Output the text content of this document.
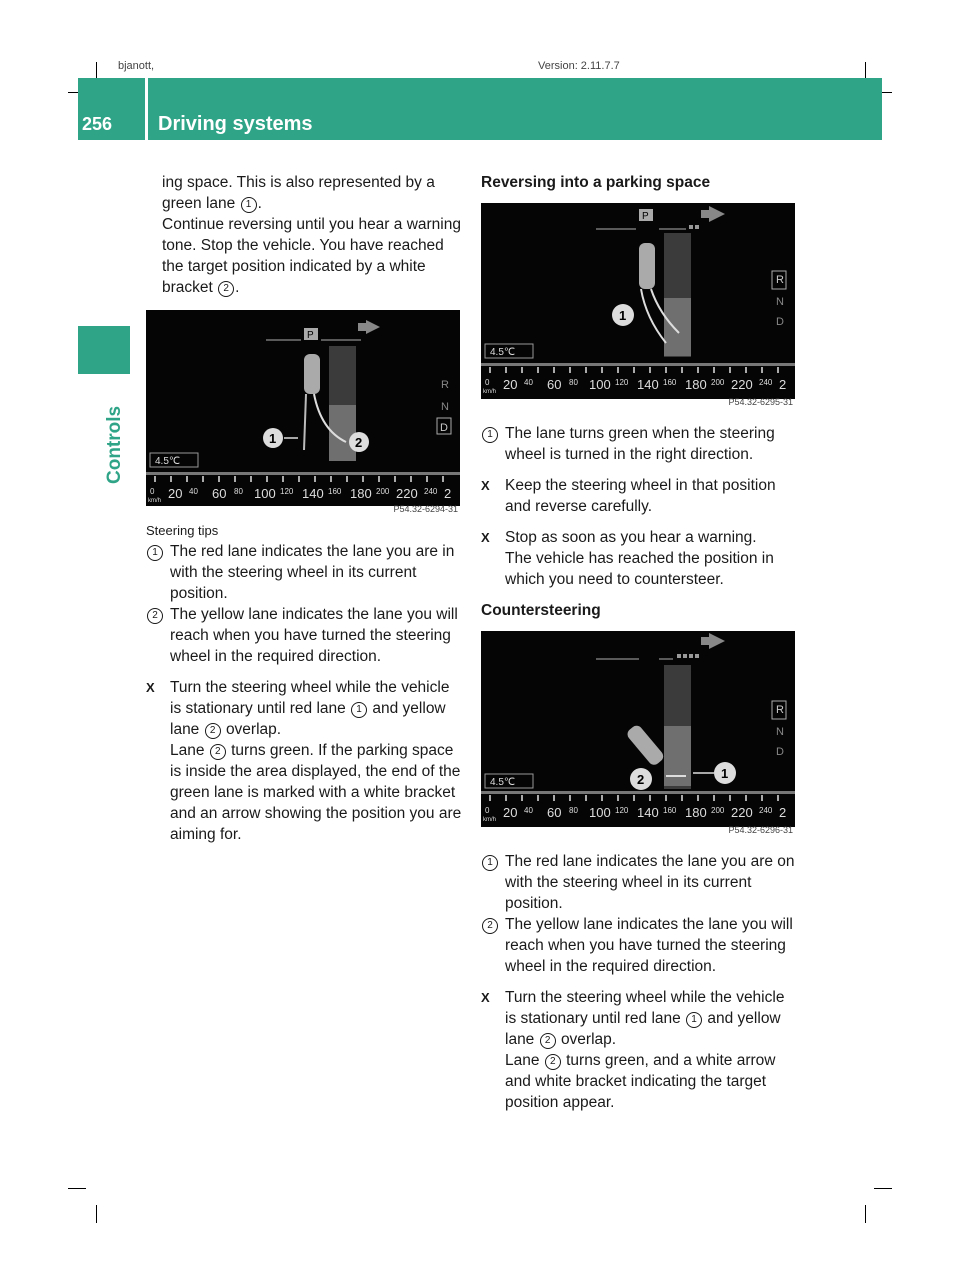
bjanott,	Version: 2.11.7.7
256 Driving systems
Controls

ing space. This is also represented by a green lane 1 .

Continue reversing until you hear a warning tone. Stop the vehicle. You have reached the target position indicated by a white bracket 2 .

P
1	2
R
N
D
4.5℃
0
km/h 20 40 60 80 100 120 140 160 180 200 220 240 2
P54.32-6294-31

Steering tips

1 The red lane indicates the lane you are in with the steering wheel in its current position.

2 The yellow lane indicates the lane you will reach when you have turned the steering wheel in the required direction.

X Turn the steering wheel while the vehicle is stationary until red lane 1 and yellow lane 2 overlap.
Lane 2 turns green. If the parking space is inside the area displayed, the end of the green lane is marked with a white bracket and an arrow showing the position you are aiming for.

Reversing into a parking space

P
1
R
N
D
4.5℃
0
km/h 20 40 60 80 100 120 140 160 180 200 220 240 2
P54.32-6295-31

1 The lane turns green when the steering wheel is turned in the right direction.

X Keep the steering wheel in that position and reverse carefully.

X Stop as soon as you hear a warning.
The vehicle has reached the position in which you need to countersteer.

Countersteering

2	1
R
N
D
4.5℃
0
km/h 20 40 60 80 100 120 140 160 180 200 220 240 2
P54.32-6296-31

1 The red lane indicates the lane you are on with the steering wheel in its current position.

2 The yellow lane indicates the lane you will reach when you have turned the steering wheel in the required direction.

X Turn the steering wheel while the vehicle is stationary until red lane 1 and yellow lane 2 overlap.
Lane 2 turns green, and a white arrow and white bracket indicating the target position appear.
